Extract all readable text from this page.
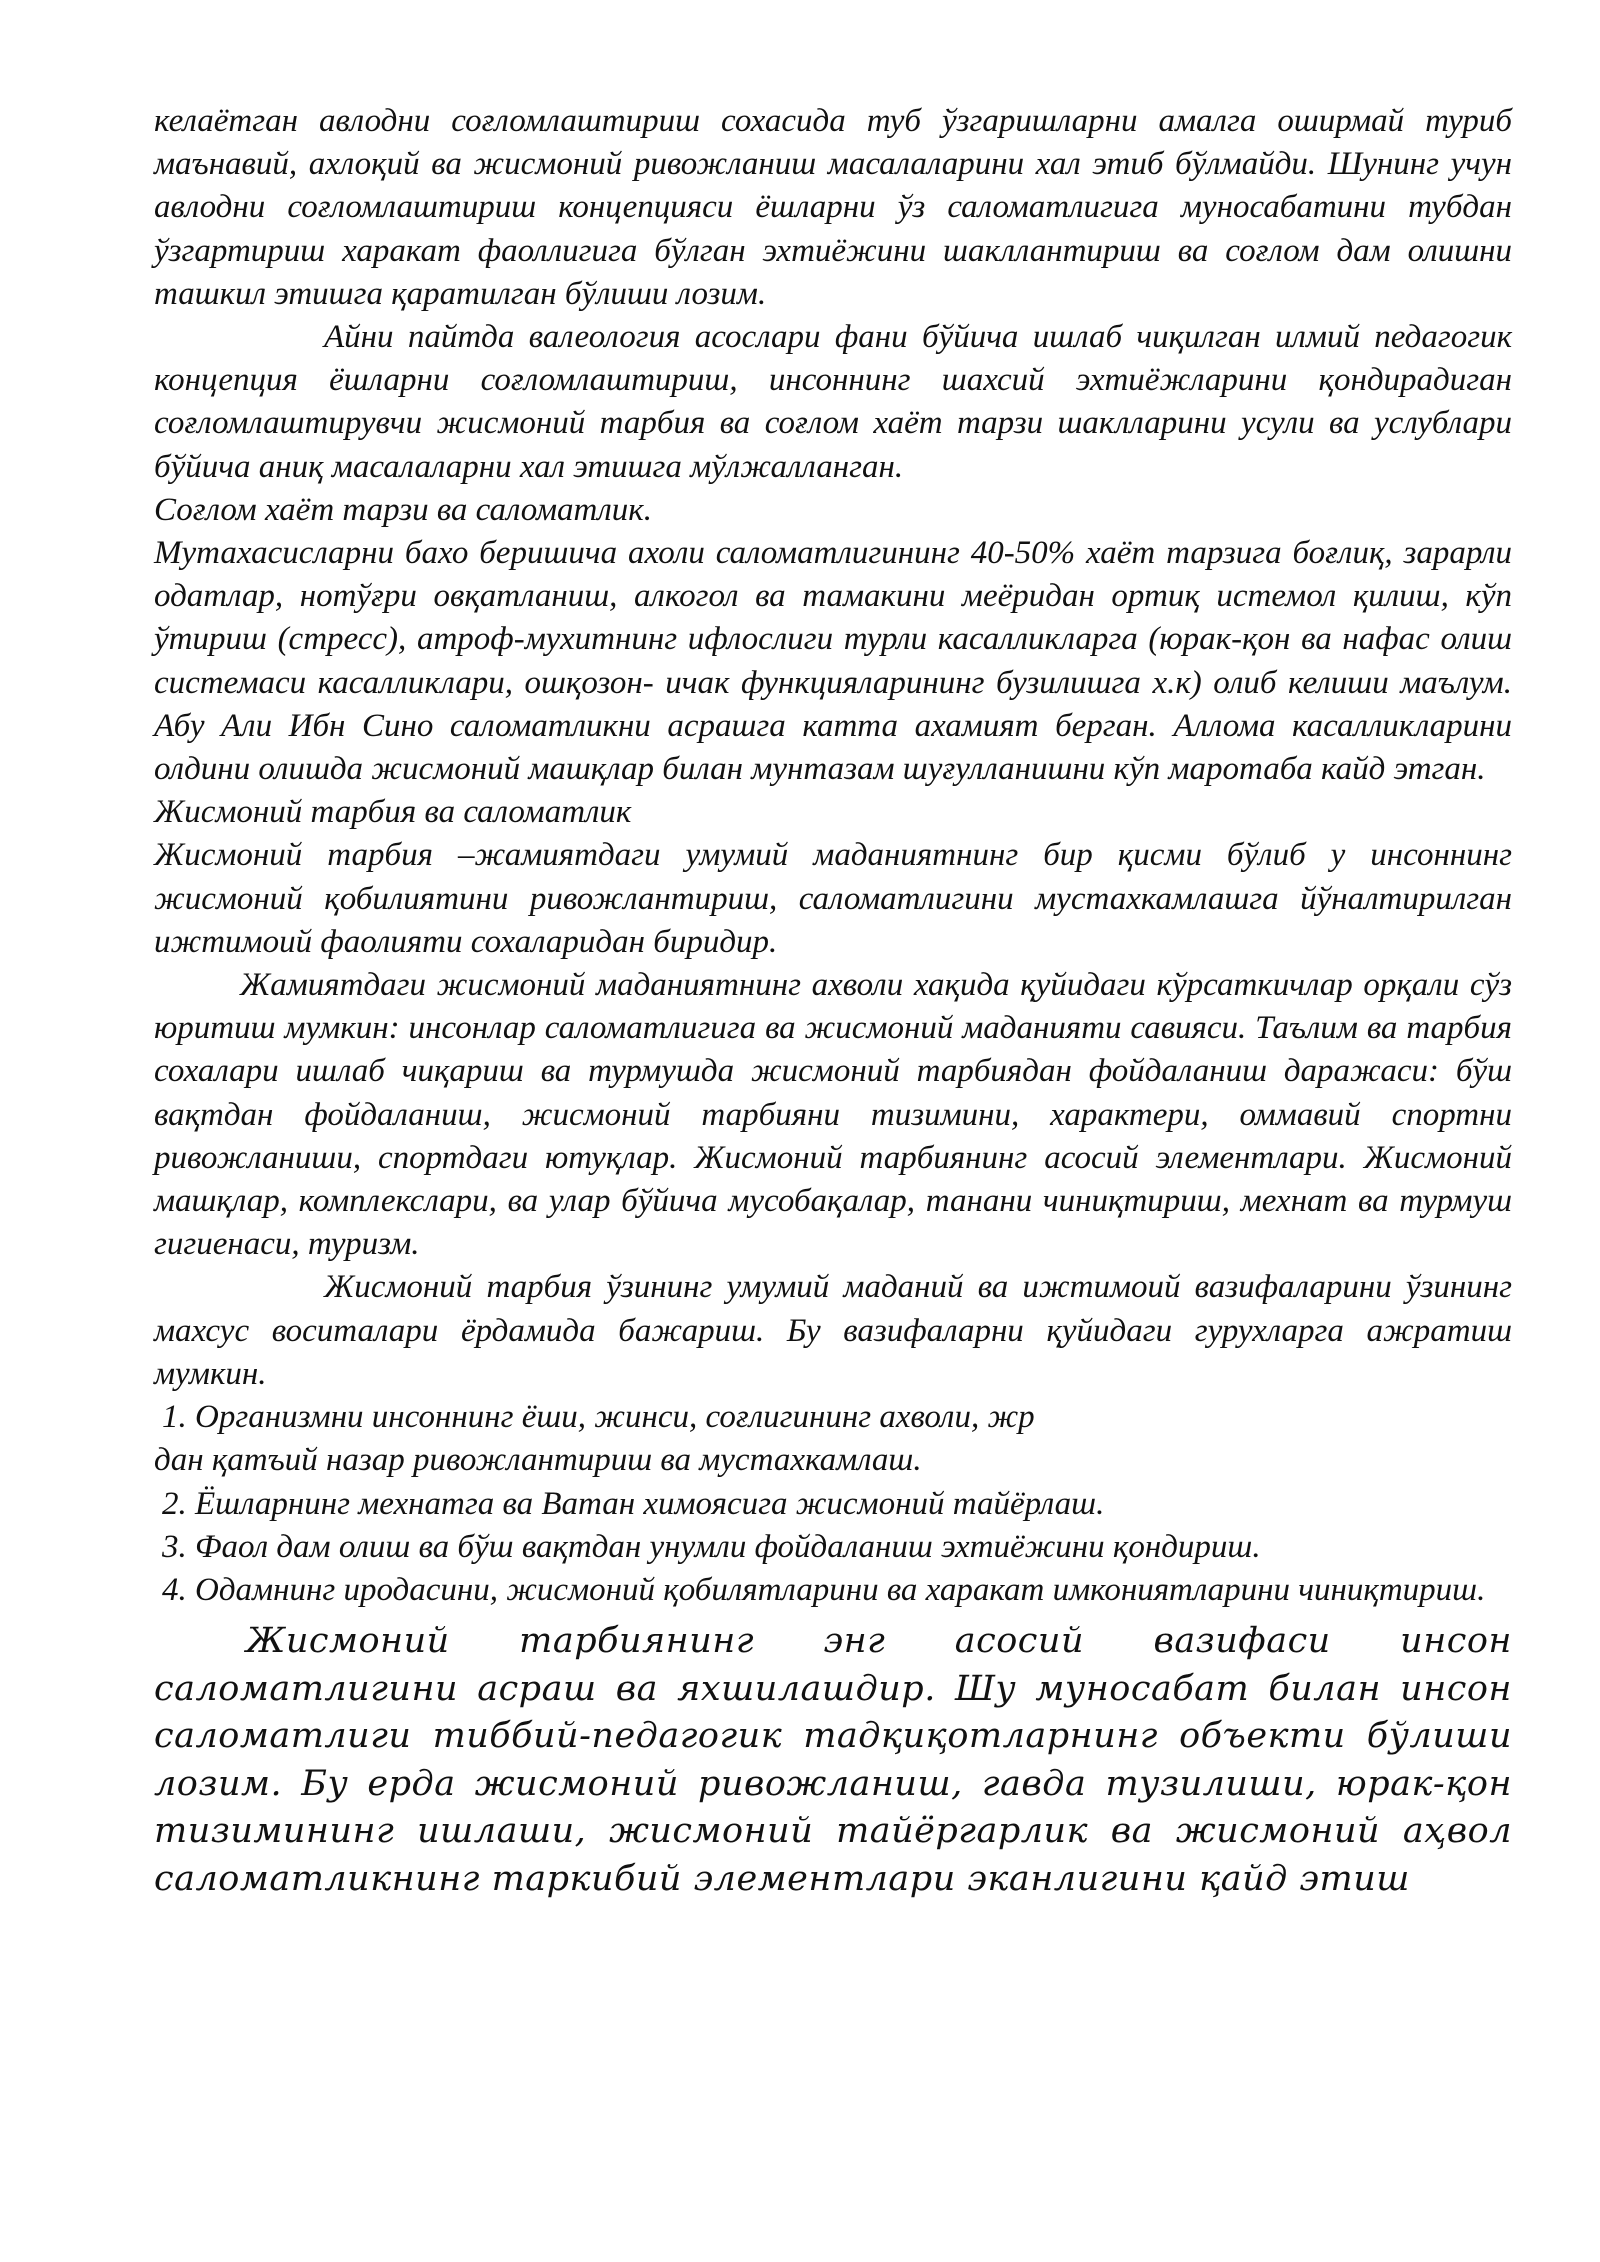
келаётган авлодни соғломлаштириш сохасида туб ўзгаришларни амалга оширмай туриб маънавий, ахлоқий ва жисмоний ривожланиш масалаларини хал этиб бўлмайди. Шунинг учун авлодни соғломлаштириш концепцияси ёшларни ўз саломатлигига муносабатини тубдан ўзгартириш харакат фаоллигига бўлган эхтиёжини шакллантириш ва соғлом дам олишни ташкил этишга қаратилган бўлиши лозим.

Айни пайтда валеология асослари фани бўйича ишлаб чиқилган илмий педагогик концепция ёшларни соғломлаштириш, инсоннинг шахсий эхтиёжларини қондирадиган соғломлаштирувчи жисмоний тарбия ва соғлом хаёт тарзи шаклларини усули ва услублари бўйича аниқ масалаларни хал этишга мўлжалланган.

Соғлом хаёт тарзи ва саломатлик.

Мутахасисларни бахо беришича ахоли саломатлигининг 40-50% хаёт тарзига боғлиқ, зарарли одатлар, нотўғри овқатланиш, алкогол ва тамакини меёридан ортиқ истемол қилиш, кўп ўтириш (стресс), атроф-мухитнинг ифлослиги турли касалликларга (юрак-қон ва нафас олиш системаси касалликлари, ошқозон- ичак функцияларининг бузилишга х.к) олиб келиши маълум. Абу Али Ибн Сино саломатликни асрашга катта ахамият берган. Аллома касалликларини олдини олишда жисмоний машқлар билан мунтазам шуғулланишни кўп маротаба кайд этган.

Жисмоний тарбия ва саломатлик

Жисмоний тарбия –жамиятдаги умумий маданиятнинг бир қисми бўлиб у инсоннинг жисмоний қобилиятини ривожлантириш, саломатлигини мустахкамлашга йўналтирилган ижтимоий фаолияти сохаларидан биридир.

Жамиятдаги жисмоний маданиятнинг ахволи хақида қуйидаги кўрсаткичлар орқали сўз юритиш мумкин: инсонлар саломатлигига ва жисмоний маданияти савияси. Таълим ва тарбия сохалари ишлаб чиқариш ва турмушда жисмоний тарбиядан фойдаланиш даражаси: бўш вақтдан фойдаланиш, жисмоний тарбияни тизимини, характери, оммавий спортни ривожланиши, спортдаги ютуқлар. Жисмоний тарбиянинг асосий элементлари. Жисмоний машқлар, комплекслари, ва улар бўйича мусобақалар, танани чиниқтириш, мехнат ва турмуш гигиенаси, туризм.

Жисмоний тарбия ўзининг умумий маданий ва ижтимоий вазифаларини ўзининг махсус воситалари ёрдамида бажариш. Бу вазифаларни қуйидаги гурухларга ажратиш мумкин.

1. Организмни инсоннинг ёши, жинси, соғлигининг ахволи, жр

дан қатъий назар ривожлантириш ва мустахкамлаш.

2. Ёшларнинг мехнатга ва Ватан химоясига жисмоний тайёрлаш.

3. Фаол дам олиш ва бўш вақтдан унумли фойдаланиш эхтиёжини қондириш.

4. Одамнинг иродасини, жисмоний қобилятларини ва харакат имкониятларини чиниқтириш.

Жисмоний тарбиянинг энг асосий вазифаси инсон саломатлигини асраш ва яхшилашдир. Шу муносабат билан инсон саломатлиги тиббий-педагогик тадқиқотларнинг объекти бўлиши лозим. Бу ерда жисмоний ривожланиш, гавда тузилиши, юрак-қон тизимининг ишлаши, жисмоний тайёргарлик ва жисмоний аҳвол саломатликнинг таркибий элементлари эканлигини қайд этиш
